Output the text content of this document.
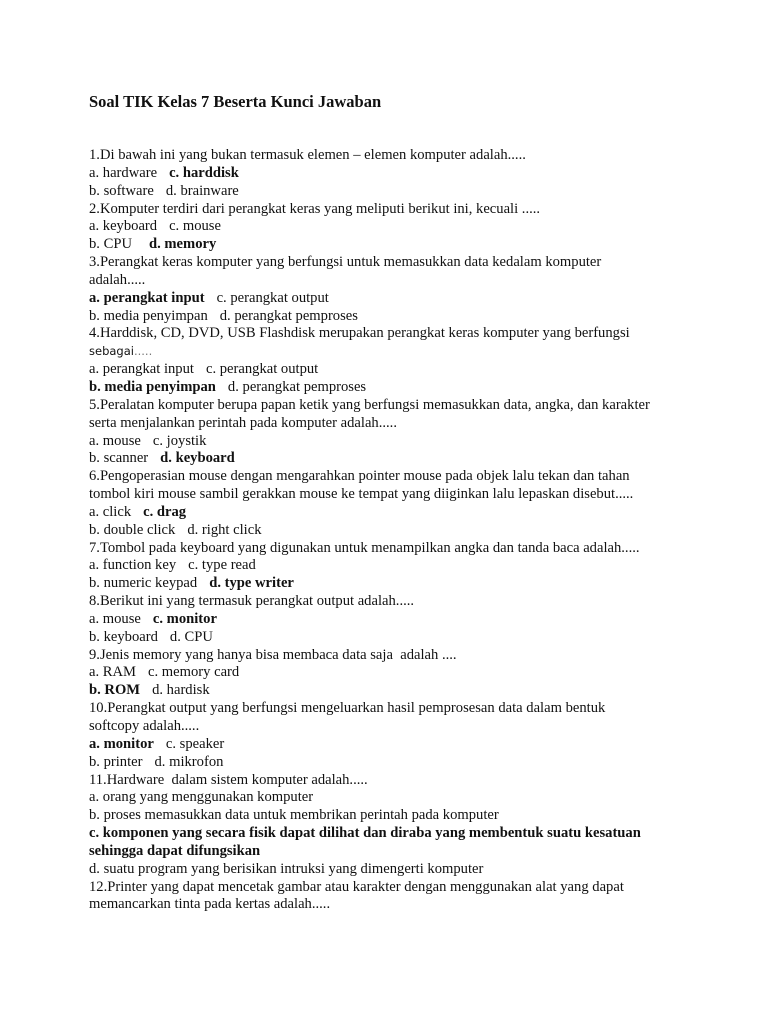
Soal TIK Kelas 7 Beserta Kunci Jawaban
1.Di bawah ini yang bukan termasuk elemen – elemen komputer adalah.....
a. hardware c. harddisk
b. software d. brainware
2.Komputer terdiri dari perangkat keras yang meliputi berikut ini, kecuali .....
a. keyboard c. mouse
b. CPU d. memory
3.Perangkat keras komputer yang berfungsi untuk memasukkan data kedalam komputer
adalah.....
a. perangkat input c. perangkat output
b. media penyimpan d. perangkat pemproses
4.Harddisk, CD, DVD, USB Flashdisk merupakan perangkat keras komputer yang berfungsi
sebagai.....
a. perangkat input c. perangkat output
b. media penyimpan d. perangkat pemproses
5.Peralatan komputer berupa papan ketik yang berfungsi memasukkan data, angka, dan karakter
serta menjalankan perintah pada komputer adalah.....
a. mouse c. joystik
b. scanner d. keyboard
6.Pengoperasian mouse dengan mengarahkan pointer mouse pada objek lalu tekan dan tahan
tombol kiri mouse sambil gerakkan mouse ke tempat yang diiginkan lalu lepaskan disebut.....
a. click c. drag
b. double click d. right click
7.Tombol pada keyboard yang digunakan untuk menampilkan angka dan tanda baca adalah.....
a. function key c. type read
b. numeric keypad d. type writer
8.Berikut ini yang termasuk perangkat output adalah.....
a. mouse c. monitor
b. keyboard d. CPU
9.Jenis memory yang hanya bisa membaca data saja  adalah ....
a. RAM c. memory card
b. ROM d. hardisk
10.Perangkat output yang berfungsi mengeluarkan hasil pemprosesan data dalam bentuk
softcopy adalah.....
a. monitor c. speaker
b. printer d. mikrofon
11.Hardware  dalam sistem komputer adalah.....
a. orang yang menggunakan komputer
b. proses memasukkan data untuk membrikan perintah pada komputer
c. komponen yang secara fisik dapat dilihat dan diraba yang membentuk suatu kesatuan
sehingga dapat difungsikan
d. suatu program yang berisikan intruksi yang dimengerti komputer
12.Printer yang dapat mencetak gambar atau karakter dengan menggunakan alat yang dapat
memancarkan tinta pada kertas adalah.....
